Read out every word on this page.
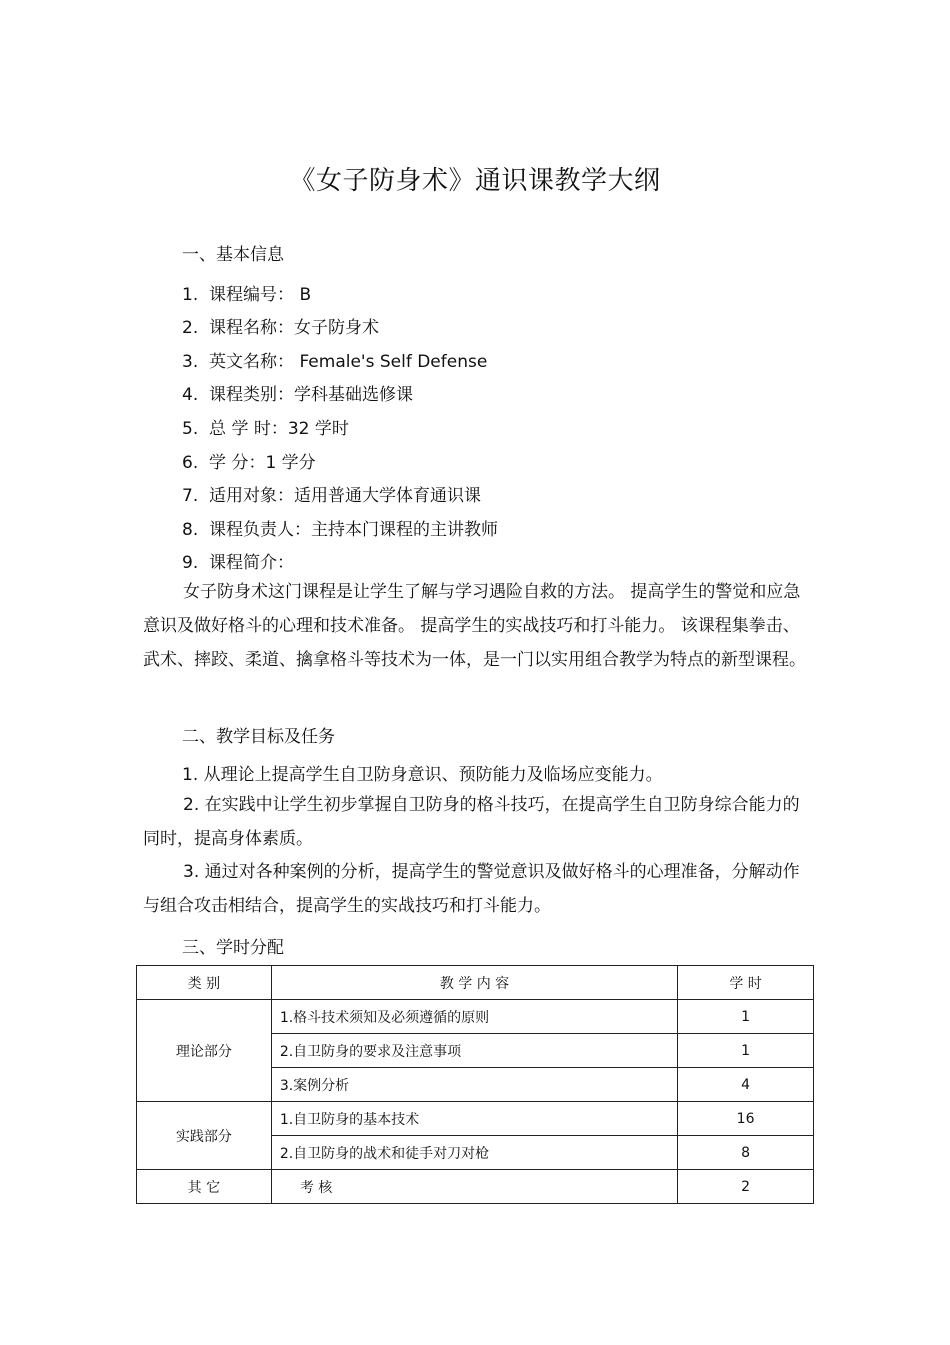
《女子防身术》通识课教学大纲
一、基本信息
1. 课程编号： B
2. 课程名称：女子防身术
3. 英文名称： Female's Self Defense
4. 课程类别：学科基础选修课
5. 总 学 时：32 学时
6. 学 分：1 学分
7. 适用对象：适用普通大学体育通识课
8. 课程负责人：主持本门课程的主讲教师
9. 课程简介：
女子防身术这门课程是让学生了解与学习遇险自救的方法。 提高学生的警觉和应急意识及做好格斗的心理和技术准备。 提高学生的实战技巧和打斗能力。 该课程集拳击、武术、摔跤、柔道、擒拿格斗等技术为一体，是一门以实用组合教学为特点的新型课程。
二、教学目标及任务
1. 从理论上提高学生自卫防身意识、预防能力及临场应变能力。
2. 在实践中让学生初步掌握自卫防身的格斗技巧，在提高学生自卫防身综合能力的同时，提高身体素质。
3. 通过对各种案例的分析，提高学生的警觉意识及做好格斗的心理准备，分解动作与组合攻击相结合，提高学生的实战技巧和打斗能力。
三、学时分配
类 别	教 学 内 容	学 时
理论部分	1.格斗技术须知及必须遵循的原则	1
	2.自卫防身的要求及注意事项	1
	3.案例分析	4
实践部分	1.自卫防身的基本技术	16
	2.自卫防身的战术和徒手对刀对枪	8
其 它	考 核	2
